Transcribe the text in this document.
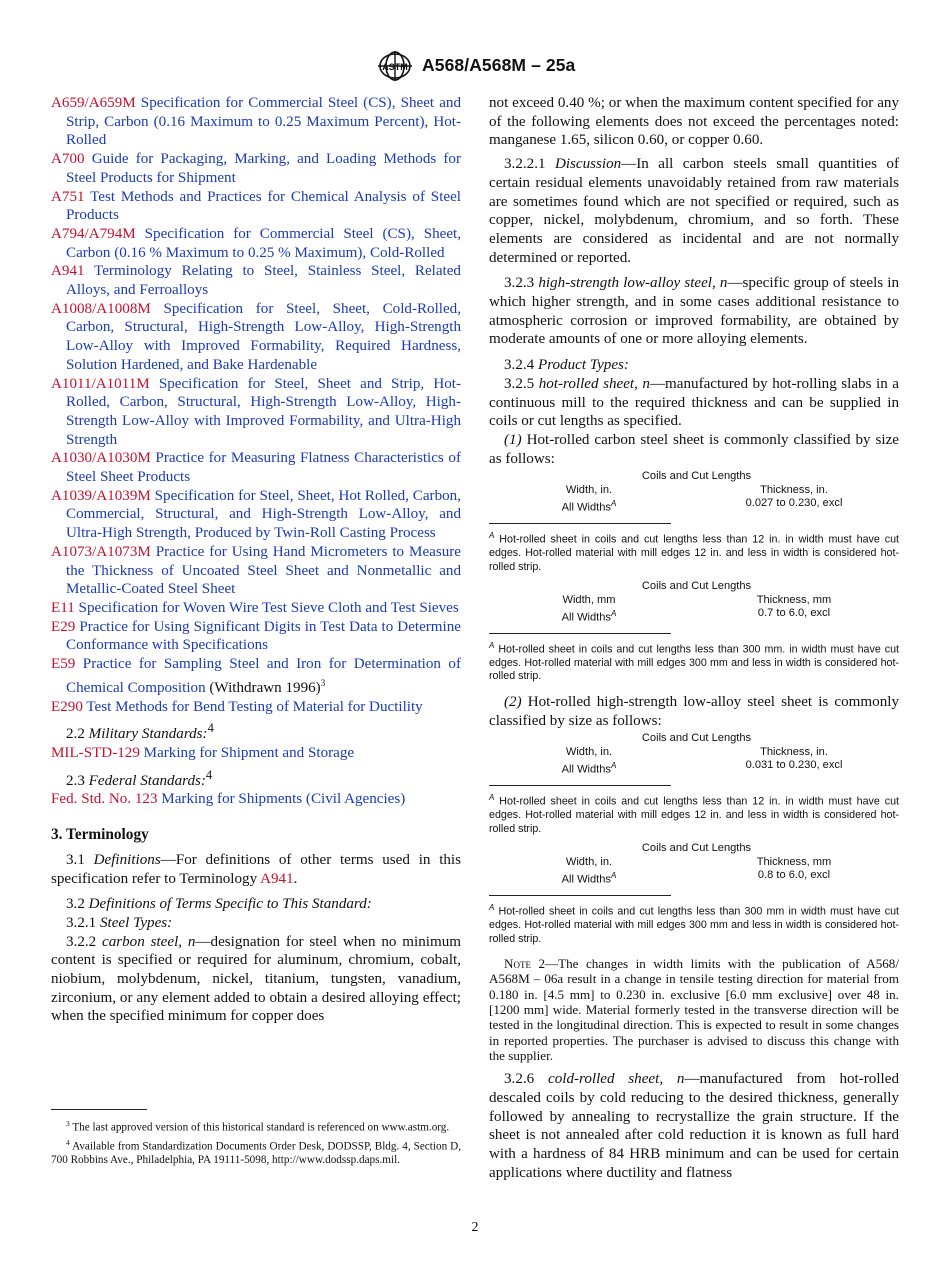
ASTM A568/A568M – 25a

A659/A659M Specification for Commercial Steel (CS), Sheet and Strip, Carbon (0.16 Maximum to 0.25 Maximum Percent), Hot-Rolled

A700 Guide for Packaging, Marking, and Loading Methods for Steel Products for Shipment

A751 Test Methods and Practices for Chemical Analysis of Steel Products

A794/A794M Specification for Commercial Steel (CS), Sheet, Carbon (0.16 % Maximum to 0.25 % Maximum), Cold-Rolled

A941 Terminology Relating to Steel, Stainless Steel, Related Alloys, and Ferroalloys

A1008/A1008M Specification for Steel, Sheet, Cold-Rolled, Carbon, Structural, High-Strength Low-Alloy, High-Strength Low-Alloy with Improved Formability, Required Hardness, Solution Hardened, and Bake Hardenable

A1011/A1011M Specification for Steel, Sheet and Strip, Hot-Rolled, Carbon, Structural, High-Strength Low-Alloy, High-Strength Low-Alloy with Improved Formability, and Ultra-High Strength

A1030/A1030M Practice for Measuring Flatness Characteristics of Steel Sheet Products

A1039/A1039M Specification for Steel, Sheet, Hot Rolled, Carbon, Commercial, Structural, and High-Strength Low-Alloy, and Ultra-High Strength, Produced by Twin-Roll Casting Process

A1073/A1073M Practice for Using Hand Micrometers to Measure the Thickness of Uncoated Steel Sheet and Nonmetallic and Metallic-Coated Steel Sheet

E11 Specification for Woven Wire Test Sieve Cloth and Test Sieves

E29 Practice for Using Significant Digits in Test Data to Determine Conformance with Specifications

E59 Practice for Sampling Steel and Iron for Determination of Chemical Composition (Withdrawn 1996)$^3$

E290 Test Methods for Bend Testing of Material for Ductility

2.2 Military Standards:$^4$

MIL-STD-129 Marking for Shipment and Storage

2.3 Federal Standards:$^4$

Fed. Std. No. 123 Marking for Shipments (Civil Agencies)

3. Terminology

3.1 Definitions—For definitions of other terms used in this specification refer to Terminology A941.

3.2 Definitions of Terms Specific to This Standard:

3.2.1 Steel Types:

3.2.2 carbon steel, n—designation for steel when no minimum content is specified or required for aluminum, chromium, cobalt, niobium, molybdenum, nickel, titanium, tungsten, vanadium, zirconium, or any element added to obtain a desired alloying effect; when the specified minimum for copper does

not exceed 0.40 %; or when the maximum content specified for any of the following elements does not exceed the percentages noted: manganese 1.65, silicon 0.60, or copper 0.60.

3.2.2.1 Discussion—In all carbon steels small quantities of certain residual elements unavoidably retained from raw materials are sometimes found which are not specified or required, such as copper, nickel, molybdenum, chromium, and so forth. These elements are considered as incidental and are not normally determined or reported.

3.2.3 high-strength low-alloy steel, n—specific group of steels in which higher strength, and in some cases additional resistance to atmospheric corrosion or improved formability, are obtained by moderate amounts of one or more alloying elements.

3.2.4 Product Types:

3.2.5 hot-rolled sheet, n—manufactured by hot-rolling slabs in a continuous mill to the required thickness and can be supplied in coils or cut lengths as specified.

(1) Hot-rolled carbon steel sheet is commonly classified by size as follows:

Coils and Cut Lengths
Width, in.	Thickness, in.
All Widths$^A$	0.027 to 0.230, excl

$^A$ Hot-rolled sheet in coils and cut lengths less than 12 in. in width must have cut edges. Hot-rolled material with mill edges 12 in. and less in width is considered hot-rolled strip.

Coils and Cut Lengths
Width, mm	Thickness, mm
All Widths$^A$	0.7 to 6.0, excl

$^A$ Hot-rolled sheet in coils and cut lengths less than 300 mm. in width must have cut edges. Hot-rolled material with mill edges 300 mm and less in width is considered hot-rolled strip.

(2) Hot-rolled high-strength low-alloy steel sheet is commonly classified by size as follows:

Coils and Cut Lengths
Width, in.	Thickness, in.
All Widths$^A$	0.031 to 0.230, excl

$^A$ Hot-rolled sheet in coils and cut lengths less than 12 in. in width must have cut edges. Hot-rolled material with mill edges 12 in. and less in width is considered hot-rolled strip.

Coils and Cut Lengths
Width, in.	Thickness, mm
All Widths$^A$	0.8 to 6.0, excl

$^A$ Hot-rolled sheet in coils and cut lengths less than 300 mm in width must have cut edges. Hot-rolled material with mill edges 300 mm and less in width is considered hot-rolled strip.

Note 2—The changes in width limits with the publication of A568/ A568M – 06a result in a change in tensile testing direction for material from 0.180 in. [4.5 mm] to 0.230 in. exclusive [6.0 mm exclusive] over 48 in. [1200 mm] wide. Material formerly tested in the transverse direction will be tested in the longitudinal direction. This is expected to result in some changes in reported properties. The purchaser is advised to discuss this change with the supplier.

3.2.6 cold-rolled sheet, n—manufactured from hot-rolled descaled coils by cold reducing to the desired thickness, generally followed by annealing to recrystallize the grain structure. If the sheet is not annealed after cold reduction it is known as full hard with a hardness of 84 HRB minimum and can be used for certain applications where ductility and flatness

$^3$ The last approved version of this historical standard is referenced on www.astm.org.

$^4$ Available from Standardization Documents Order Desk, DODSSP, Bldg. 4, Section D, 700 Robbins Ave., Philadelphia, PA 19111-5098, http://www.dodssp.daps.mil.

2
